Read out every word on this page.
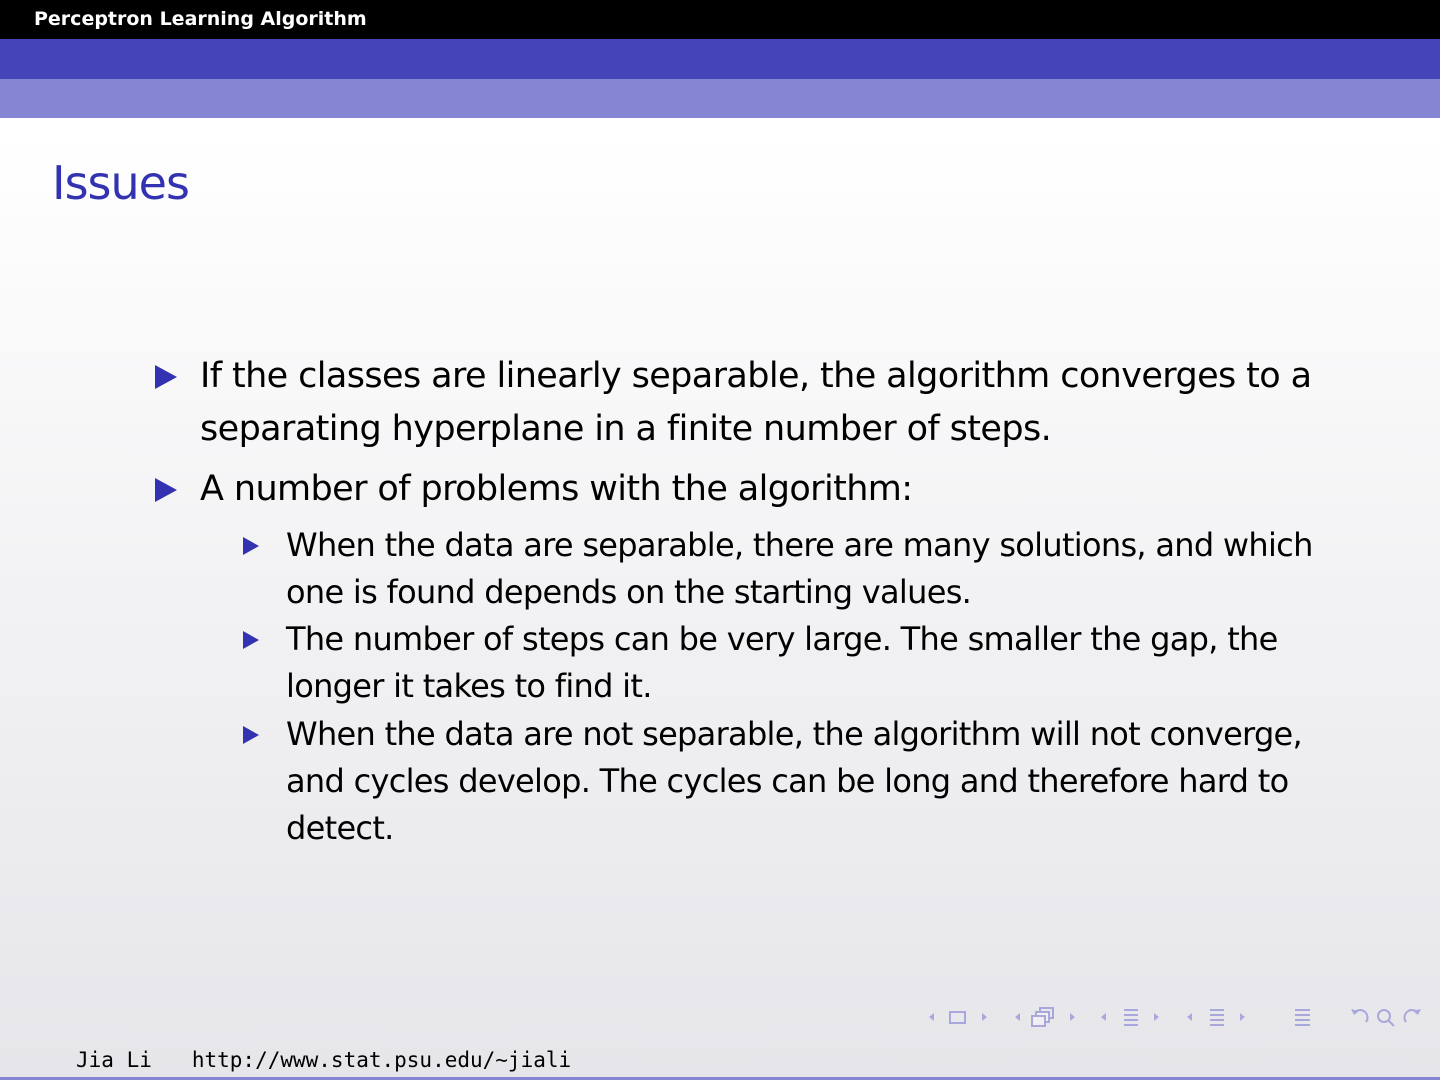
Perceptron Learning Algorithm
Issues
If the classes are linearly separable, the algorithm converges to a separating hyperplane in a finite number of steps.
A number of problems with the algorithm:
When the data are separable, there are many solutions, and which one is found depends on the starting values.
The number of steps can be very large. The smaller the gap, the longer it takes to find it.
When the data are not separable, the algorithm will not converge, and cycles develop. The cycles can be long and therefore hard to detect.
Jia Li http://www.stat.psu.edu/∼jiali
